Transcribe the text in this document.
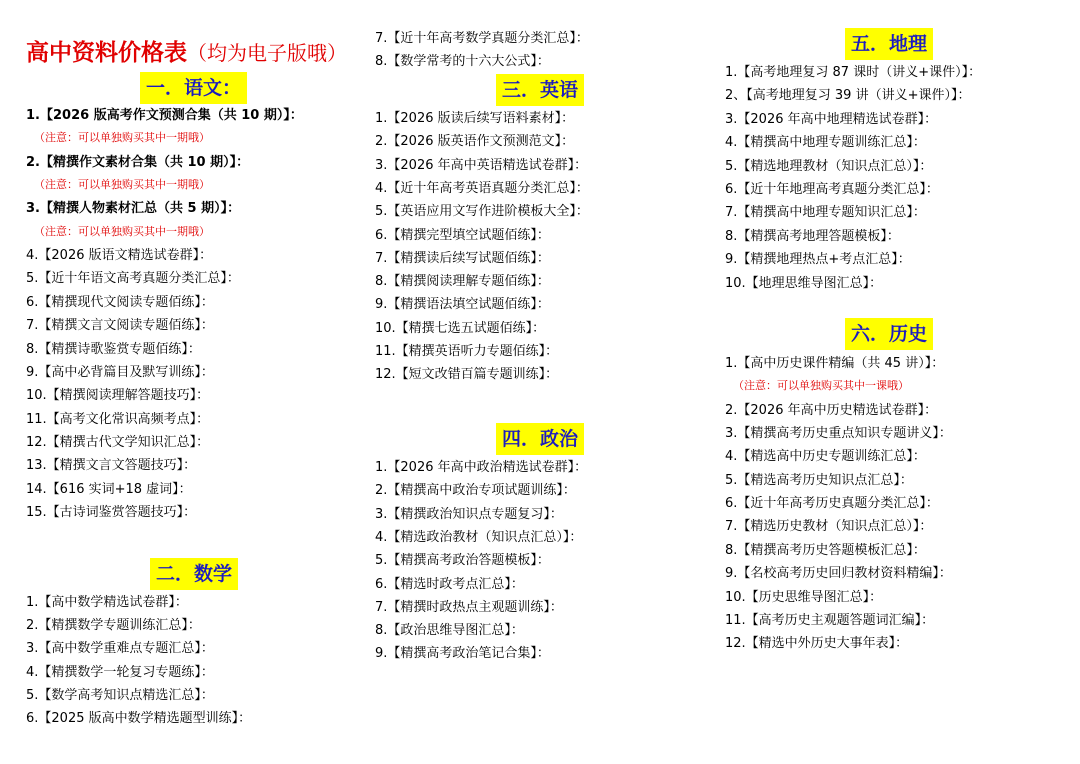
高中资料价格表（均为电子版哦）
一．语文：
1.【2026 版高考作文预测合集（共 10 期）】：
（注意：可以单独购买其中一期哦）
2.【精撰作文素材合集（共 10 期）】：
（注意：可以单独购买其中一期哦）
3.【精撰人物素材汇总（共 5 期）】：
（注意：可以单独购买其中一期哦）
4.【2026 版语文精选试卷群】：
5.【近十年语文高考真题分类汇总】：
6.【精撰现代文阅读专题佰练】：
7.【精撰文言文阅读专题佰练】：
8.【精撰诗歌鉴赏专题佰练】：
9.【高中必背篇目及默写训练】：
10.【精撰阅读理解答题技巧】：
11.【高考文化常识高频考点】：
12.【精撰古代文学知识汇总】：
13.【精撰文言文答题技巧】：
14.【616 实词+18 虚词】：
15.【古诗词鉴赏答题技巧】：
二．数学
1.【高中数学精选试卷群】：
2.【精撰数学专题训练汇总】：
3.【高中数学重难点专题汇总】：
4.【精撰数学一轮复习专题练】：
5.【数学高考知识点精选汇总】：
6.【2025 版高中数学精选题型训练】：
7.【近十年高考数学真题分类汇总】：
8.【数学常考的十六大公式】：
三．英语
1.【2026 版读后续写语料素材】：
2.【2026 版英语作文预测范文】：
3.【2026 年高中英语精选试卷群】：
4.【近十年高考英语真题分类汇总】：
5.【英语应用文写作进阶模板大全】：
6.【精撰完型填空试题佰练】：
7.【精撰读后续写试题佰练】：
8.【精撰阅读理解专题佰练】：
9.【精撰语法填空试题佰练】：
10.【精撰七选五试题佰练】：
11.【精撰英语听力专题佰练】：
12.【短文改错百篇专题训练】：
四．政治
1.【2026 年高中政治精选试卷群】：
2.【精撰高中政治专项试题训练】：
3.【精撰政治知识点专题复习】：
4.【精选政治教材（知识点汇总）】：
5.【精撰高考政治答题模板】：
6.【精选时政考点汇总】：
7.【精撰时政热点主观题训练】：
8.【政治思维导图汇总】：
9.【精撰高考政治笔记合集】：
五．地理
1.【高考地理复习 87 课时（讲义+课件）】：
2、【高考地理复习 39 讲（讲义+课件）】：
3.【2026 年高中地理精选试卷群】：
4.【精撰高中地理专题训练汇总】：
5.【精选地理教材（知识点汇总）】：
6.【近十年地理高考真题分类汇总】：
7.【精撰高中地理专题知识汇总】：
8.【精撰高考地理答题模板】：
9.【精撰地理热点+考点汇总】：
10.【地理思维导图汇总】：
六．历史
1.【高中历史课件精编（共 45 讲）】：
（注意：可以单独购买其中一课哦）
2.【2026 年高中历史精选试卷群】：
3.【精撰高考历史重点知识专题讲义】：
4.【精选高中历史专题训练汇总】：
5.【精选高考历史知识点汇总】：
6.【近十年高考历史真题分类汇总】：
7.【精选历史教材（知识点汇总）】：
8.【精撰高考历史答题模板汇总】：
9.【名校高考历史回归教材资料精编】：
10.【历史思维导图汇总】：
11.【高考历史主观题答题词汇编】：
12.【精选中外历史大事年表】：
